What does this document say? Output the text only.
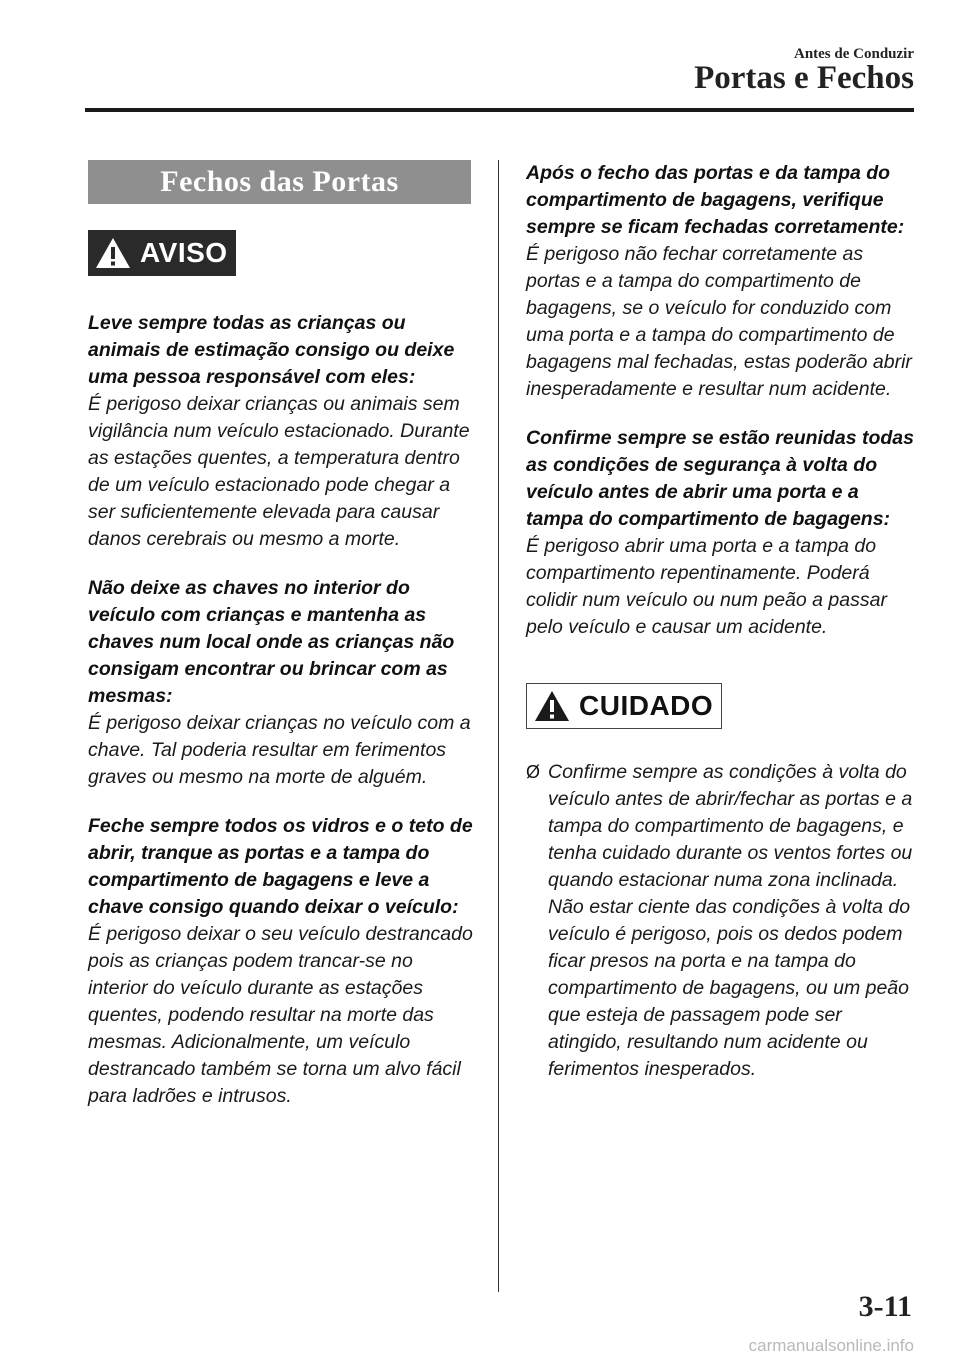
Antes de Conduzir
Portas e Fechos
Fechos das Portas
AVISO
Leve sempre todas as crianças ou animais de estimação consigo ou deixe uma pessoa responsável com eles:
É perigoso deixar crianças ou animais sem vigilância num veículo estacionado. Durante as estações quentes, a temperatura dentro de um veículo estacionado pode chegar a ser suficientemente elevada para causar danos cerebrais ou mesmo a morte.
Não deixe as chaves no interior do veículo com crianças e mantenha as chaves num local onde as crianças não consigam encontrar ou brincar com as mesmas:
É perigoso deixar crianças no veículo com a chave. Tal poderia resultar em ferimentos graves ou mesmo na morte de alguém.
Feche sempre todos os vidros e o teto de abrir, tranque as portas e a tampa do compartimento de bagagens e leve a chave consigo quando deixar o veículo:
É perigoso deixar o seu veículo destrancado pois as crianças podem trancar-se no interior do veículo durante as estações quentes, podendo resultar na morte das mesmas. Adicionalmente, um veículo destrancado também se torna um alvo fácil para ladrões e intrusos.
Após o fecho das portas e da tampa do compartimento de bagagens, verifique sempre se ficam fechadas corretamente:
É perigoso não fechar corretamente as portas e a tampa do compartimento de bagagens, se o veículo for conduzido com uma porta e a tampa do compartimento de bagagens mal fechadas, estas poderão abrir inesperadamente e resultar num acidente.
Confirme sempre se estão reunidas todas as condições de segurança à volta do veículo antes de abrir uma porta e a tampa do compartimento de bagagens:
É perigoso abrir uma porta e a tampa do compartimento repentinamente. Poderá colidir num veículo ou num peão a passar pelo veículo e causar um acidente.
CUIDADO
Ø Confirme sempre as condições à volta do veículo antes de abrir/fechar as portas e a tampa do compartimento de bagagens, e tenha cuidado durante os ventos fortes ou quando estacionar numa zona inclinada. Não estar ciente das condições à volta do veículo é perigoso, pois os dedos podem ficar presos na porta e na tampa do compartimento de bagagens, ou um peão que esteja de passagem pode ser atingido, resultando num acidente ou ferimentos inesperados.
3-11
carmanualsonline.info
